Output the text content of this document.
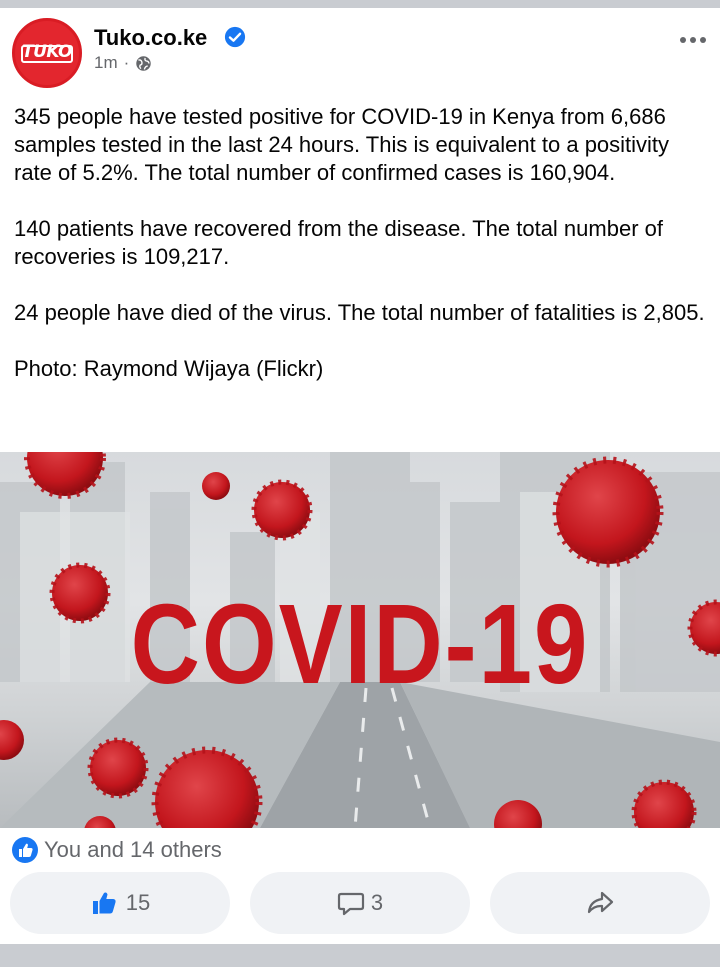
TUKO
Tuko.co.ke
1m ·

345 people have tested positive for COVID-19 in Kenya from 6,686 samples tested in the last 24 hours. This is equivalent to a positivity rate of 5.2%. The total number of confirmed cases is 160,904.

140 patients have recovered from the disease. The total number of recoveries is 109,217.

24 people have died of the virus. The total number of fatalities is 2,805.

Photo: Raymond Wijaya (Flickr)

COVID-19
You and 14 others
15	3
